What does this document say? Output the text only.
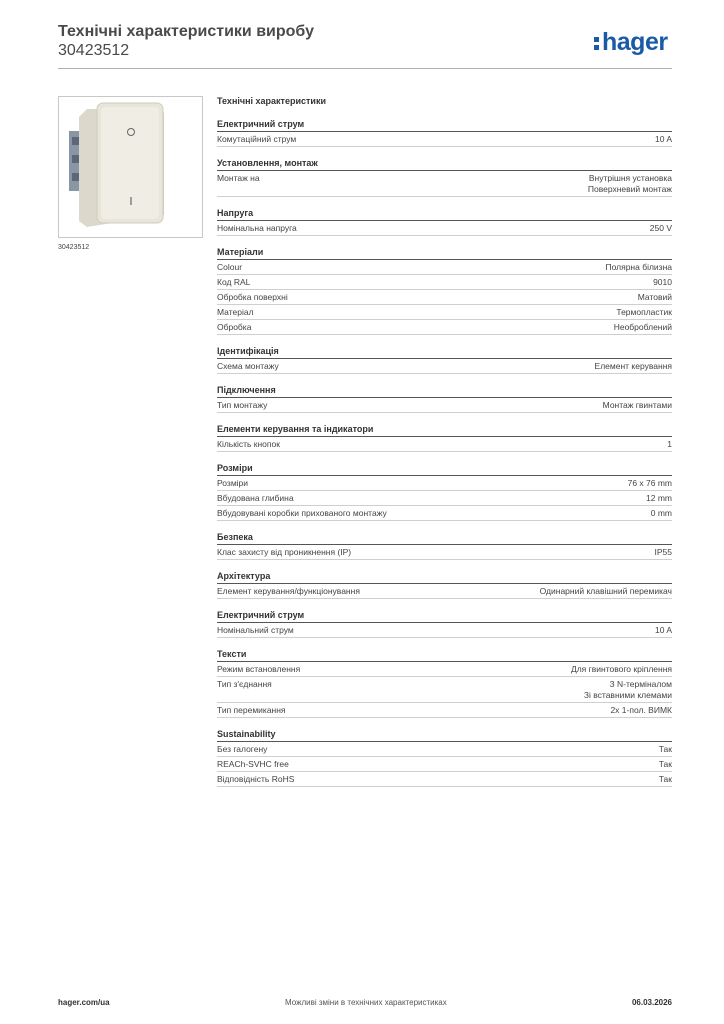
Технічні характеристики виробу
30423512	hager
30423512
Технічні характеристики
Електричний струм
Комутаційний струм	10 A
Установлення, монтаж
Монтаж на	Внутрішня установка
Поверхневий монтаж
Напруга
Номінальна напруга	250 V
Матеріали
Colour	Полярна білизна
Код RAL	9010
Обробка поверхні	Матовий
Матеріал	Термопластик
Обробка	Необроблений
Ідентифікація
Схема монтажу	Елемент керування
Підключення
Тип монтажу	Монтаж гвинтами
Елементи керування та індикатори
Кількість кнопок	1
Розміри
Розміри	76 x 76 mm
Вбудована глибина	12 mm
Вбудовувані коробки прихованого монтажу	0 mm
Безпека
Клас захисту від проникнення (IP)	IP55
Архітектура
Елемент керування/функціонування	Одинарний клавішний перемикач
Електричний струм
Номінальний струм	10 A
Тексти
Режим встановлення	Для гвинтового кріплення
Тип з'єднання	З N-терміналом
Зі вставними клемами
Тип перемикання	2x 1-пол. ВИМК
Sustainability
Без галогену	Так
REACh-SVHC free	Так
Відповідність RoHS	Так
hager.com/ua	Можливі зміни в технічних характеристиках	06.03.2026
